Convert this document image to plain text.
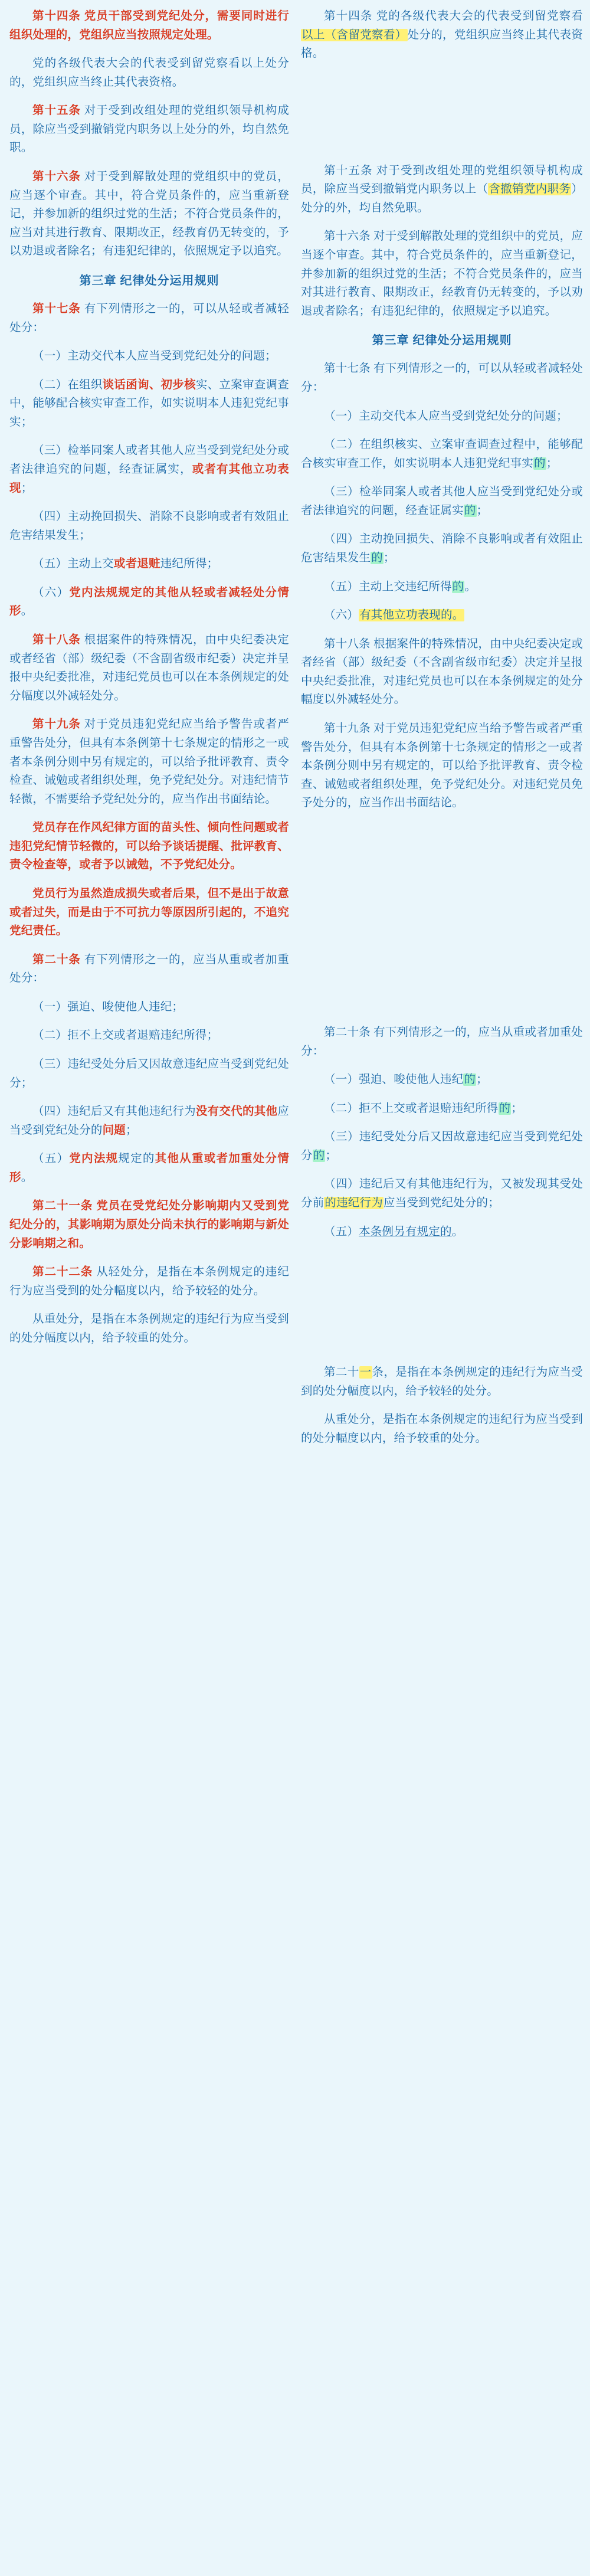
第十四条 党员干部受到党纪处分，需要同时进行组织处理的，党组织应当按照规定处理。

党的各级代表大会的代表受到留党察看以上处分的，党组织应当终止其代表资格。

第十五条 对于受到改组处理的党组织领导机构成员，除应当受到撤销党内职务以上处分的外，均自然免职。

第十六条 对于受到解散处理的党组织中的党员，应当逐个审查。其中，符合党员条件的，应当重新登记，并参加新的组织过党的生活；不符合党员条件的，应当对其进行教育、限期改正，经教育仍无转变的，予以劝退或者除名；有违犯纪律的，依照规定予以追究。

第三章 纪律处分运用规则

第十七条 有下列情形之一的，可以从轻或者减轻处分：

（一）主动交代本人应当受到党纪处分的问题；

（二）在组织谈话函询、初步核实、立案审查调查中，能够配合核实审查工作，如实说明本人违犯党纪事实；

（三）检举同案人或者其他人应当受到党纪处分或者法律追究的问题，经查证属实，或者有其他立功表现；

（四）主动挽回损失、消除不良影响或者有效阻止危害结果发生；

（五）主动上交或者退赃违纪所得；

（六）党内法规规定的其他从轻或者减轻处分情形。

第十八条 根据案件的特殊情况，由中央纪委决定或者经省（部）级纪委（不含副省级市纪委）决定并呈报中央纪委批准，对违纪党员也可以在本条例规定的处分幅度以外减轻处分。

第十九条 对于党员违犯党纪应当给予警告或者严重警告处分，但具有本条例第十七条规定的情形之一或者本条例分则中另有规定的，可以给予批评教育、责令检查、诫勉或者组织处理，免予党纪处分。对违纪情节轻微，不需要给予党纪处分的，应当作出书面结论。

党员存在作风纪律方面的苗头性、倾向性问题或者违犯党纪情节轻微的，可以给予谈话提醒、批评教育、责令检查等，或者予以诫勉，不予党纪处分。

党员行为虽然造成损失或者后果，但不是出于故意或者过失，而是由于不可抗力等原因所引起的，不追究党纪责任。

第二十条 有下列情形之一的，应当从重或者加重处分：

（一）强迫、唆使他人违纪；

（二）拒不上交或者退赔违纪所得；

（三）违纪受处分后又因故意违纪应当受到党纪处分；

（四）违纪后又有其他违纪行为没有交代的其他应当受到党纪处分的问题；

（五）党内法规规定的其他从重或者加重处分情形。

第二十一条 党员在受党纪处分影响期内又受到党纪处分的，其影响期为原处分尚未执行的影响期与新处分影响期之和。

第二十二条 从轻处分，是指在本条例规定的违纪行为应当受到的处分幅度以内，给予较轻的处分。

从重处分，是指在本条例规定的违纪行为应当受到的处分幅度以内，给予较重的处分。

第十四条 党的各级代表大会的代表受到留党察看以上（含留党察看）处分的，党组织应当终止其代表资格。

第十五条 对于受到改组处理的党组织领导机构成员，除应当受到撤销党内职务以上（含撤销党内职务）处分的外，均自然免职。

第十六条 对于受到解散处理的党组织中的党员，应当逐个审查。其中，符合党员条件的，应当重新登记，并参加新的组织过党的生活；不符合党员条件的，应当对其进行教育、限期改正，经教育仍无转变的，予以劝退或者除名；有违犯纪律的，依照规定予以追究。

第三章 纪律处分运用规则

第十七条 有下列情形之一的，可以从轻或者减轻处分：

（一）主动交代本人应当受到党纪处分的问题；

（二）在组织核实、立案审查调查过程中，能够配合核实审查工作，如实说明本人违犯党纪事实的；

（三）检举同案人或者其他人应当受到党纪处分或者法律追究的问题，经查证属实的；

（四）主动挽回损失、消除不良影响或者有效阻止危害结果发生的；

（五）主动上交违纪所得的。

（六）有其他立功表现的。

第十八条 根据案件的特殊情况，由中央纪委决定或者经省（部）级纪委（不含副省级市纪委）决定并呈报中央纪委批准，对违纪党员也可以在本条例规定的处分幅度以外减轻处分。

第十九条 对于党员违犯党纪应当给予警告或者严重警告处分，但具有本条例第十七条规定的情形之一或者本条例分则中另有规定的，可以给予批评教育、责令检查、诫勉或者组织处理，免予党纪处分。对违纪党员免予处分的，应当作出书面结论。

第二十条 有下列情形之一的，应当从重或者加重处分：

（一）强迫、唆使他人违纪的；

（二）拒不上交或者退赔违纪所得的；

（三）违纪受处分后又因故意违纪应当受到党纪处分的；

（四）违纪后又有其他违纪行为，又被发现其受处分前的违纪行为应当受到党纪处分的；

（五）本条例另有规定的。

第二十一条，是指在本条例规定的违纪行为应当受到的处分幅度以内，给予较轻的处分。

从重处分，是指在本条例规定的违纪行为应当受到的处分幅度以内，给予较重的处分。
